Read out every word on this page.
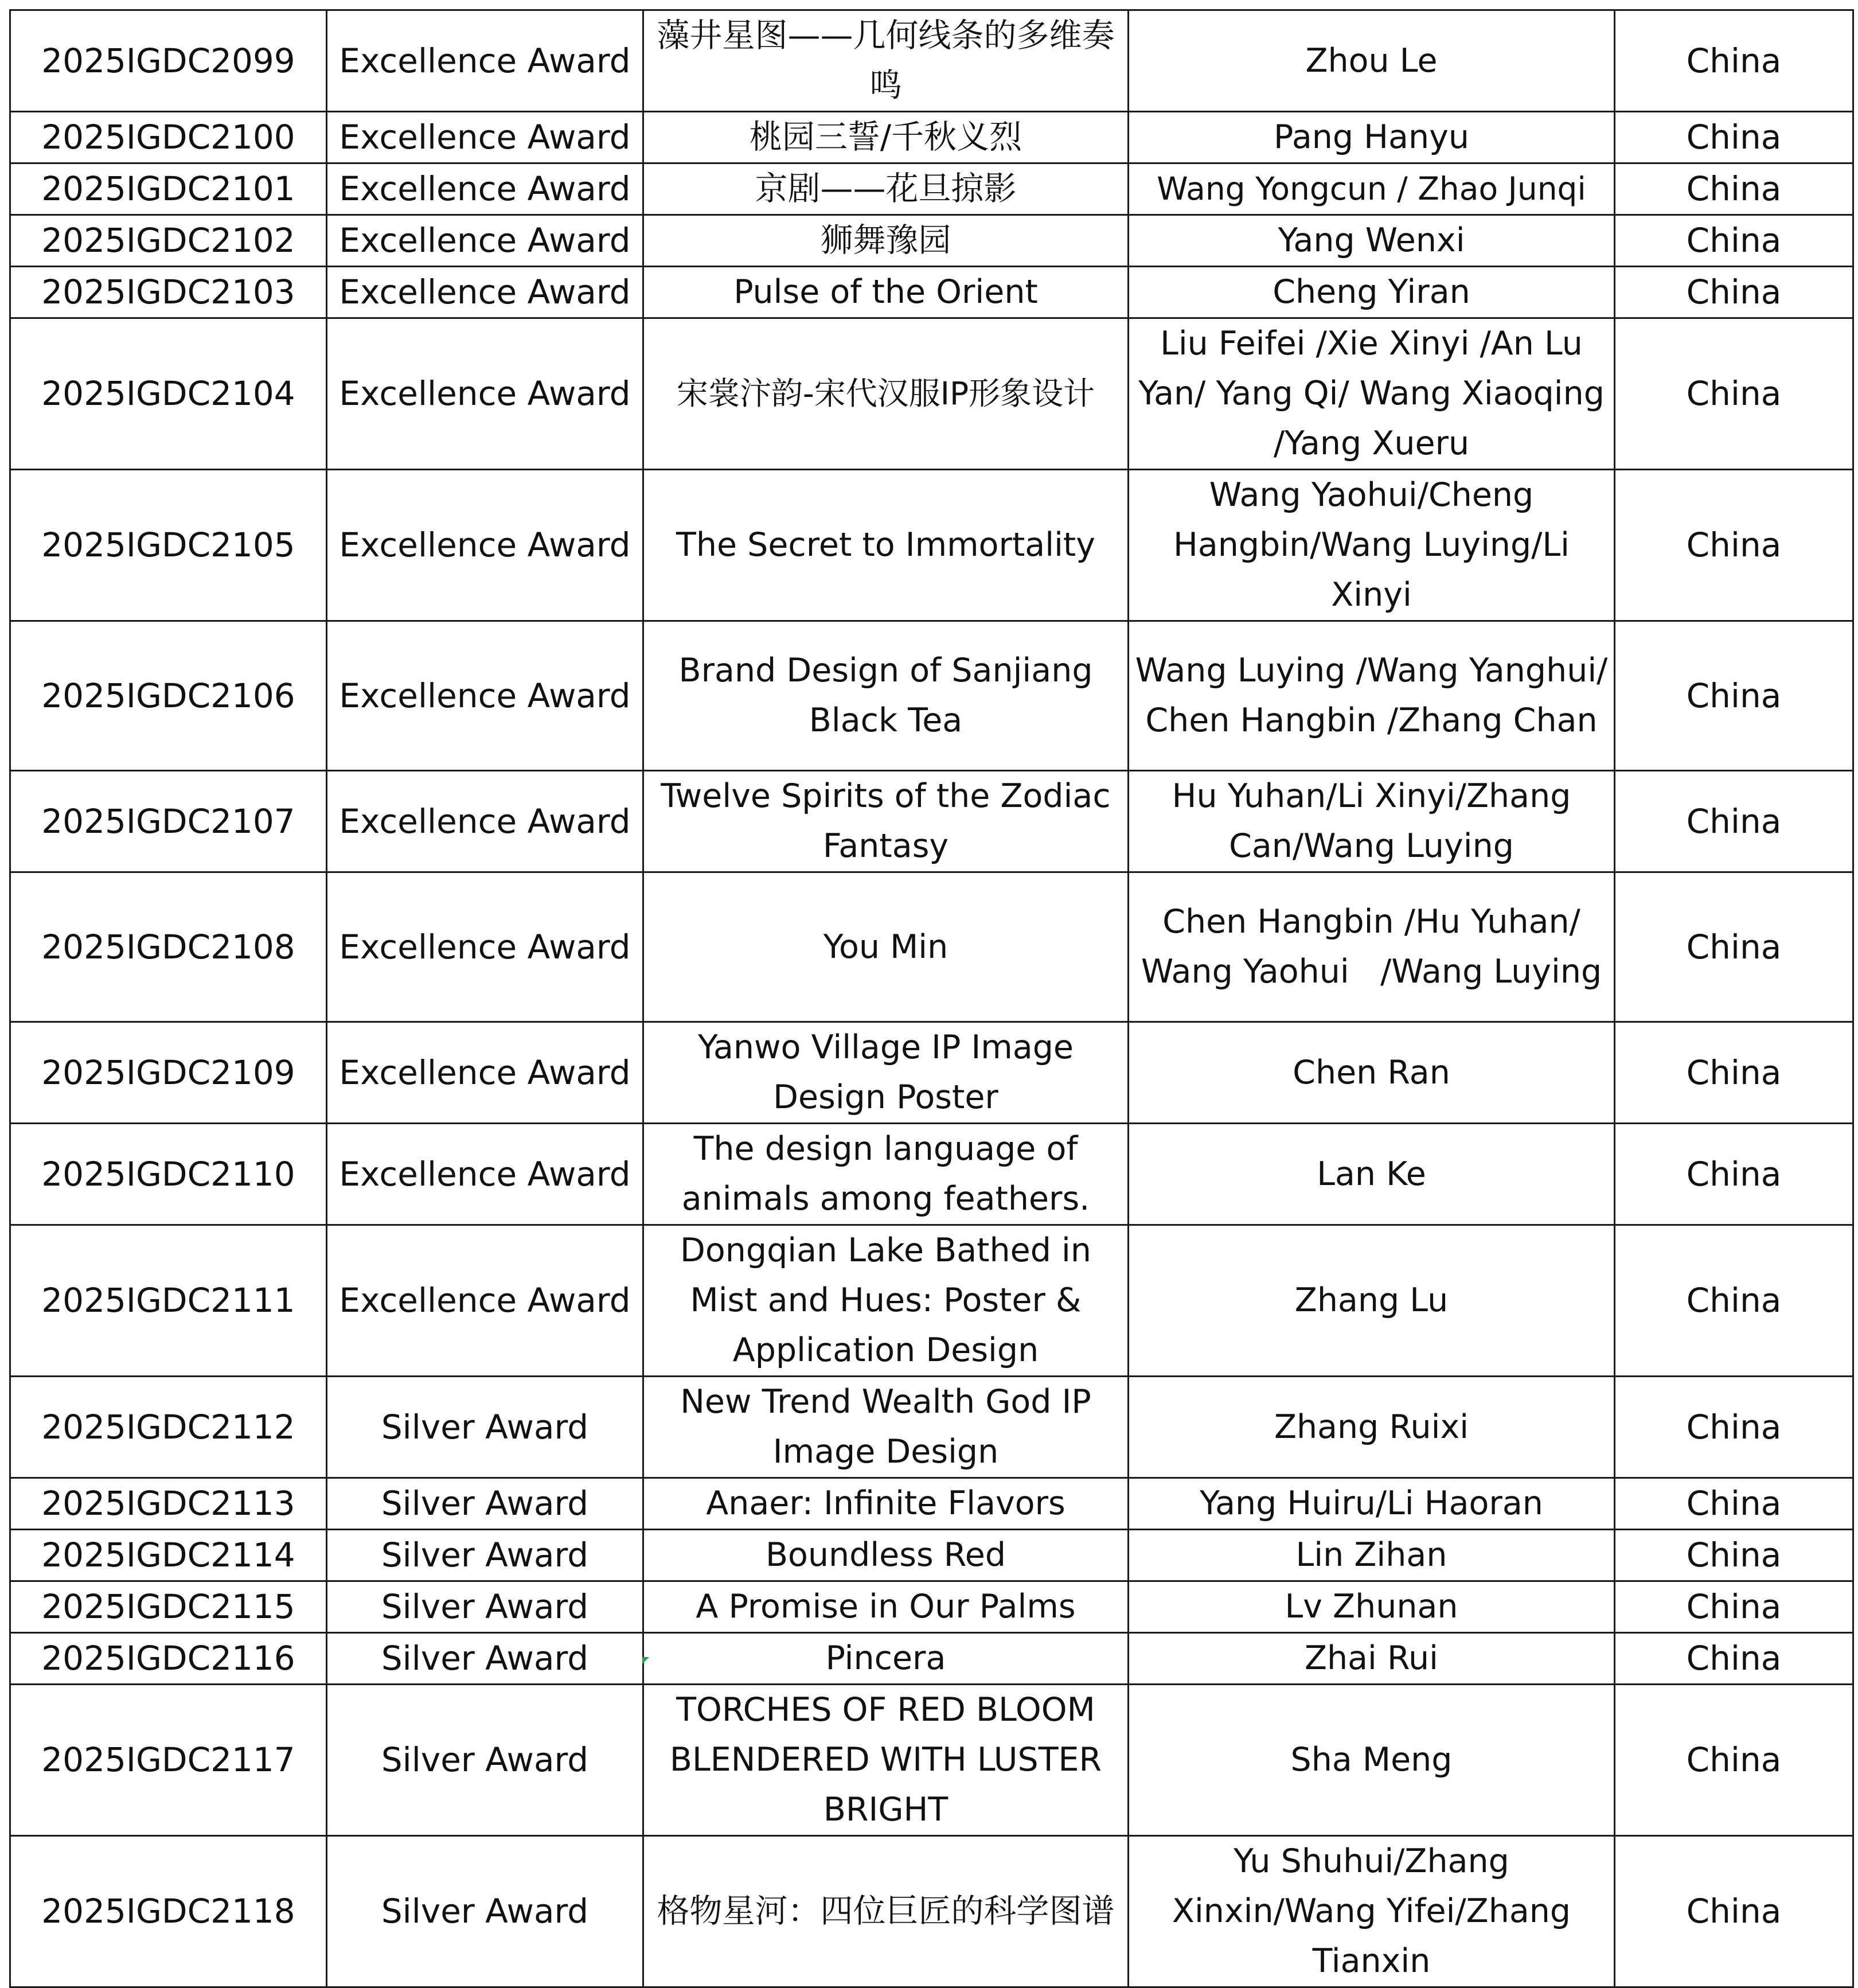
2025IGDC2099	Excellence Award	藻井星图——几何线条的多维奏鸣	Zhou Le	China
2025IGDC2100	Excellence Award	桃园三誓/千秋义烈	Pang Hanyu	China
2025IGDC2101	Excellence Award	京剧——花旦掠影	Wang Yongcun / Zhao Junqi	China
2025IGDC2102	Excellence Award	狮舞豫园	Yang Wenxi	China
2025IGDC2103	Excellence Award	Pulse of the Orient	Cheng Yiran	China
2025IGDC2104	Excellence Award	宋裳汴韵-宋代汉服IP形象设计	Liu Feifei /Xie Xinyi /An Lu Yan/ Yang Qi/ Wang Xiaoqing /Yang Xueru	China
2025IGDC2105	Excellence Award	The Secret to Immortality	Wang Yaohui/Cheng Hangbin/Wang Luying/Li Xinyi	China
2025IGDC2106	Excellence Award	Brand Design of Sanjiang Black Tea	Wang Luying /Wang Yanghui/ Chen Hangbin /Zhang Chan	China
2025IGDC2107	Excellence Award	Twelve Spirits of the Zodiac Fantasy	Hu Yuhan/Li Xinyi/Zhang Can/Wang Luying	China
2025IGDC2108	Excellence Award	You Min	Chen Hangbin /Hu Yuhan/ Wang Yaohui   /Wang Luying	China
2025IGDC2109	Excellence Award	Yanwo Village IP Image Design Poster	Chen Ran	China
2025IGDC2110	Excellence Award	The design language of animals among feathers.	Lan Ke	China
2025IGDC2111	Excellence Award	Dongqian Lake Bathed in Mist and Hues: Poster & Application Design	Zhang Lu	China
2025IGDC2112	Silver Award	New Trend Wealth God IP Image Design	Zhang Ruixi	China
2025IGDC2113	Silver Award	Anaer: Infinite Flavors	Yang Huiru/Li Haoran	China
2025IGDC2114	Silver Award	Boundless Red	Lin Zihan	China
2025IGDC2115	Silver Award	A Promise in Our Palms	Lv Zhunan	China
2025IGDC2116	Silver Award	Pincera	Zhai Rui	China
2025IGDC2117	Silver Award	TORCHES OF RED BLOOM BLENDERED WITH LUSTER BRIGHT	Sha Meng	China
2025IGDC2118	Silver Award	格物星河：四位巨匠的科学图谱	Yu Shuhui/Zhang Xinxin/Wang Yifei/Zhang Tianxin	China
